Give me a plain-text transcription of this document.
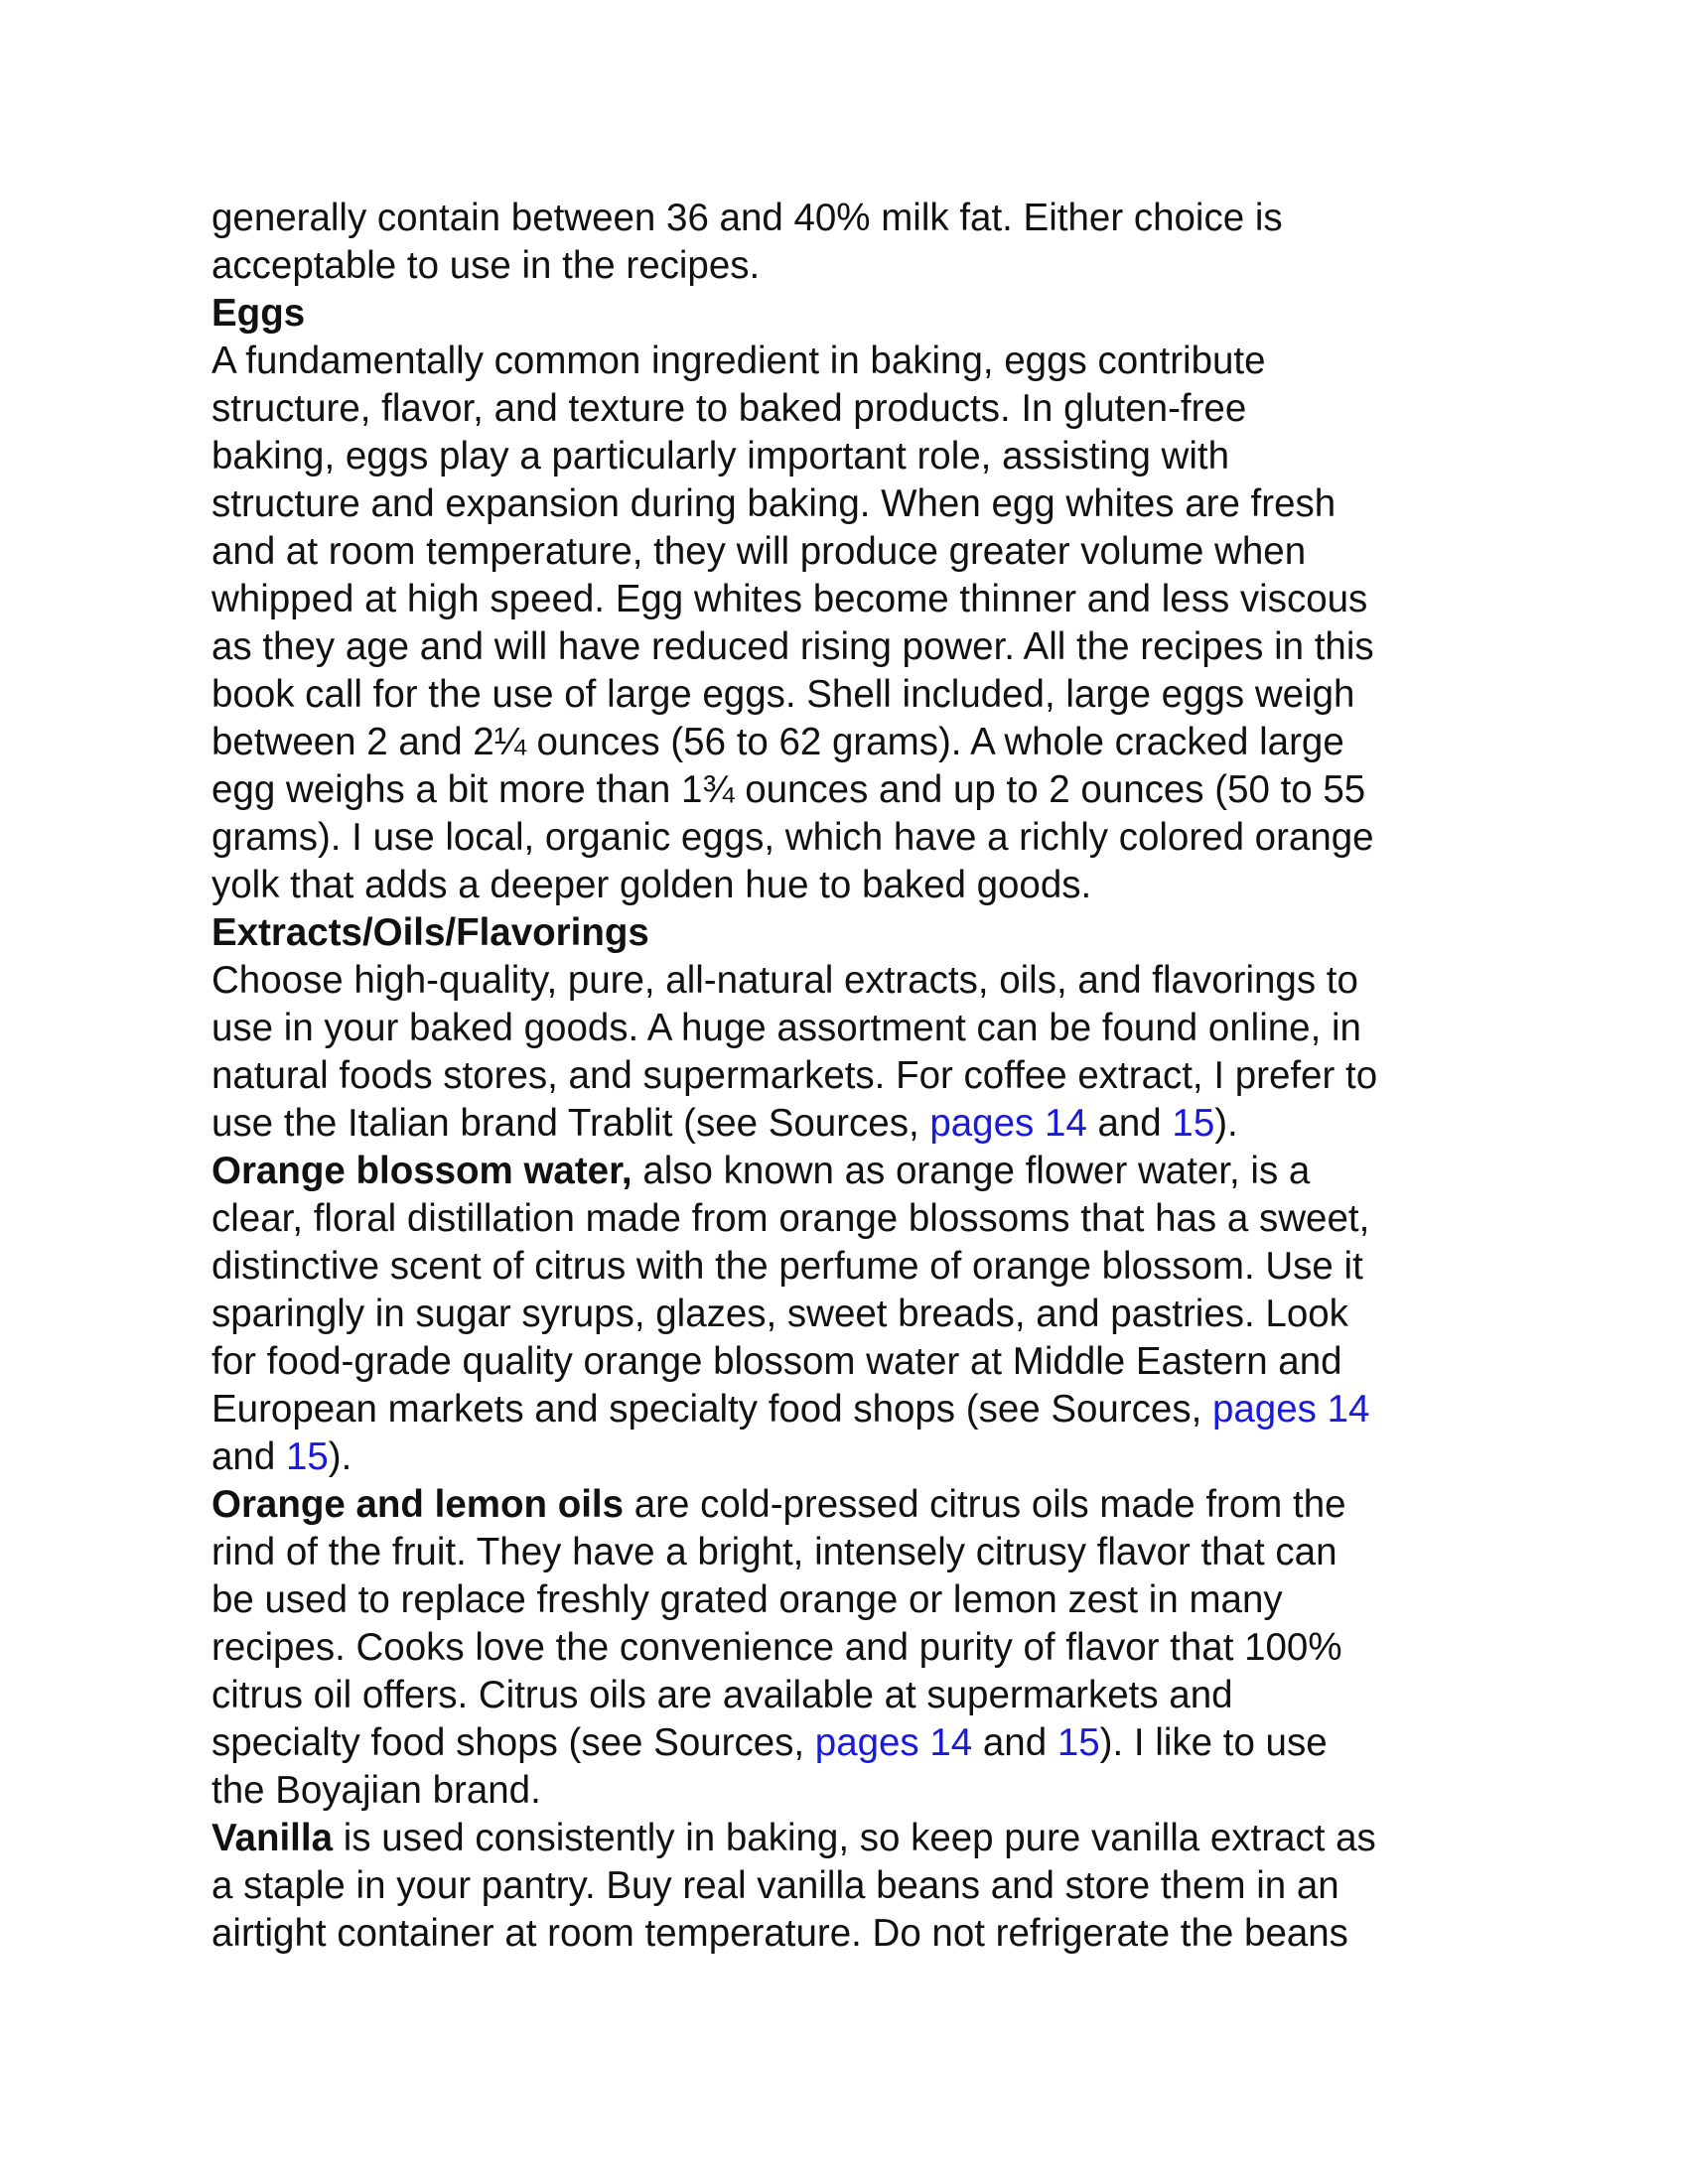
generally contain between 36 and 40% milk fat. Either choice is
acceptable to use in the recipes.
Eggs
A fundamentally common ingredient in baking, eggs contribute
structure, flavor, and texture to baked products. In gluten-free
baking, eggs play a particularly important role, assisting with
structure and expansion during baking. When egg whites are fresh
and at room temperature, they will produce greater volume when
whipped at high speed. Egg whites become thinner and less viscous
as they age and will have reduced rising power. All the recipes in this
book call for the use of large eggs. Shell included, large eggs weigh
between 2 and 2¼ ounces (56 to 62 grams). A whole cracked large
egg weighs a bit more than 1¾ ounces and up to 2 ounces (50 to 55
grams). I use local, organic eggs, which have a richly colored orange
yolk that adds a deeper golden hue to baked goods.
Extracts/Oils/Flavorings
Choose high-quality, pure, all-natural extracts, oils, and flavorings to
use in your baked goods. A huge assortment can be found online, in
natural foods stores, and supermarkets. For coffee extract, I prefer to
use the Italian brand Trablit (see Sources, pages 14 and 15).
Orange blossom water, also known as orange flower water, is a
clear, floral distillation made from orange blossoms that has a sweet,
distinctive scent of citrus with the perfume of orange blossom. Use it
sparingly in sugar syrups, glazes, sweet breads, and pastries. Look
for food-grade quality orange blossom water at Middle Eastern and
European markets and specialty food shops (see Sources, pages 14
and 15).
Orange and lemon oils are cold-pressed citrus oils made from the
rind of the fruit. They have a bright, intensely citrusy flavor that can
be used to replace freshly grated orange or lemon zest in many
recipes. Cooks love the convenience and purity of flavor that 100%
citrus oil offers. Citrus oils are available at supermarkets and
specialty food shops (see Sources, pages 14 and 15). I like to use
the Boyajian brand.
Vanilla is used consistently in baking, so keep pure vanilla extract as
a staple in your pantry. Buy real vanilla beans and store them in an
airtight container at room temperature. Do not refrigerate the beans
